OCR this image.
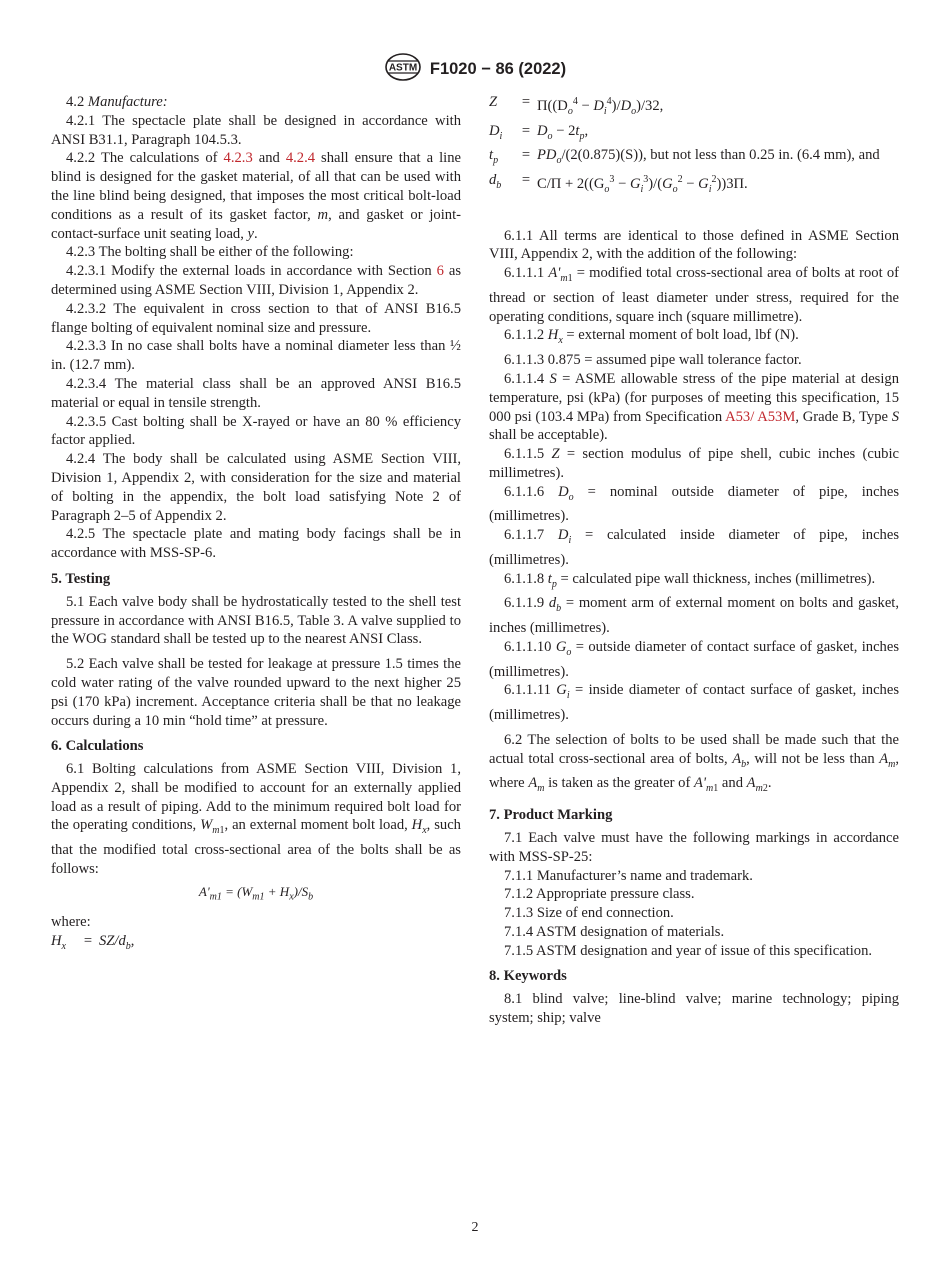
ASTM F1020 − 86 (2022)

4.2 Manufacture:

4.2.1 The spectacle plate shall be designed in accordance with ANSI B31.1, Paragraph 104.5.3.

4.2.2 The calculations of 4.2.3 and 4.2.4 shall ensure that a line blind is designed for the gasket material, of all that can be used with the line blind being designed, that imposes the most critical bolt-load conditions as a result of its gasket factor, m, and gasket or joint-contact-surface unit seating load, y.

4.2.3 The bolting shall be either of the following:

4.2.3.1 Modify the external loads in accordance with Section 6 as determined using ASME Section VIII, Division 1, Appendix 2.

4.2.3.2 The equivalent in cross section to that of ANSI B16.5 flange bolting of equivalent nominal size and pressure.

4.2.3.3 In no case shall bolts have a nominal diameter less than ½ in. (12.7 mm).

4.2.3.4 The material class shall be an approved ANSI B16.5 material or equal in tensile strength.

4.2.3.5 Cast bolting shall be X-rayed or have an 80 % efficiency factor applied.

4.2.4 The body shall be calculated using ASME Section VIII, Division 1, Appendix 2, with consideration for the size and material of bolting in the appendix, the bolt load satisfying Note 2 of Paragraph 2–5 of Appendix 2.

4.2.5 The spectacle plate and mating body facings shall be in accordance with MSS-SP-6.

5. Testing

5.1 Each valve body shall be hydrostatically tested to the shell test pressure in accordance with ANSI B16.5, Table 3. A valve supplied to the WOG standard shall be tested up to the nearest ANSI Class.

5.2 Each valve shall be tested for leakage at pressure 1.5 times the cold water rating of the valve rounded upward to the next higher 25 psi (170 kPa) increment. Acceptance criteria shall be that no leakage occurs during a 10 min “hold time” at pressure.

6. Calculations

6.1 Bolting calculations from ASME Section VIII, Division 1, Appendix 2, shall be modified to account for an externally applied load as a result of piping. Add to the minimum required bolt load for the operating conditions, $W_{m1}$, an external moment bolt load, $H_x$, such that the modified total cross-sectional area of the bolts shall be as follows:

$A'_{m1} = (W_{m1} + H_x)/S_b$

where:

$H_x$	=	$SZ/d_b$,
Z	=	$\Pi((D_o^4 - D_i^4)/D_o)/32$,
$D_i$	=	$D_o - 2t_p$,
$t_p$	=	$PD_o/(2(0.875)(S))$, but not less than 0.25 in. (6.4 mm), and
$d_b$	=	$C/\Pi + 2((G_o^3 - G_i^3)/(G_o^2 - G_i^2))3\Pi$.

6.1.1 All terms are identical to those defined in ASME Section VIII, Appendix 2, with the addition of the following:

6.1.1.1 $A'_{m1}$ = modified total cross-sectional area of bolts at root of thread or section of least diameter under stress, required for the operating conditions, square inch (square millimetre).

6.1.1.2 $H_x$ = external moment of bolt load, lbf (N).

6.1.1.3 0.875 = assumed pipe wall tolerance factor.

6.1.1.4 S = ASME allowable stress of the pipe material at design temperature, psi (kPa) (for purposes of meeting this specification, 15 000 psi (103.4 MPa) from Specification A53/ A53M, Grade B, Type S shall be acceptable).

6.1.1.5 Z = section modulus of pipe shell, cubic inches (cubic millimetres).

6.1.1.6 $D_o$ = nominal outside diameter of pipe, inches (millimetres).

6.1.1.7 $D_i$ = calculated inside diameter of pipe, inches (millimetres).

6.1.1.8 $t_p$ = calculated pipe wall thickness, inches (millimetres).

6.1.1.9 $d_b$ = moment arm of external moment on bolts and gasket, inches (millimetres).

6.1.1.10 $G_o$ = outside diameter of contact surface of gasket, inches (millimetres).

6.1.1.11 $G_i$ = inside diameter of contact surface of gasket, inches (millimetres).

6.2 The selection of bolts to be used shall be made such that the actual total cross-sectional area of bolts, $A_b$, will not be less than $A_m$, where $A_m$ is taken as the greater of $A'_{m1}$ and $A_{m2}$.

7. Product Marking

7.1 Each valve must have the following markings in accordance with MSS-SP-25:

7.1.1 Manufacturer’s name and trademark.

7.1.2 Appropriate pressure class.

7.1.3 Size of end connection.

7.1.4 ASTM designation of materials.

7.1.5 ASTM designation and year of issue of this specification.

8. Keywords

8.1 blind valve; line-blind valve; marine technology; piping system; ship; valve

2
